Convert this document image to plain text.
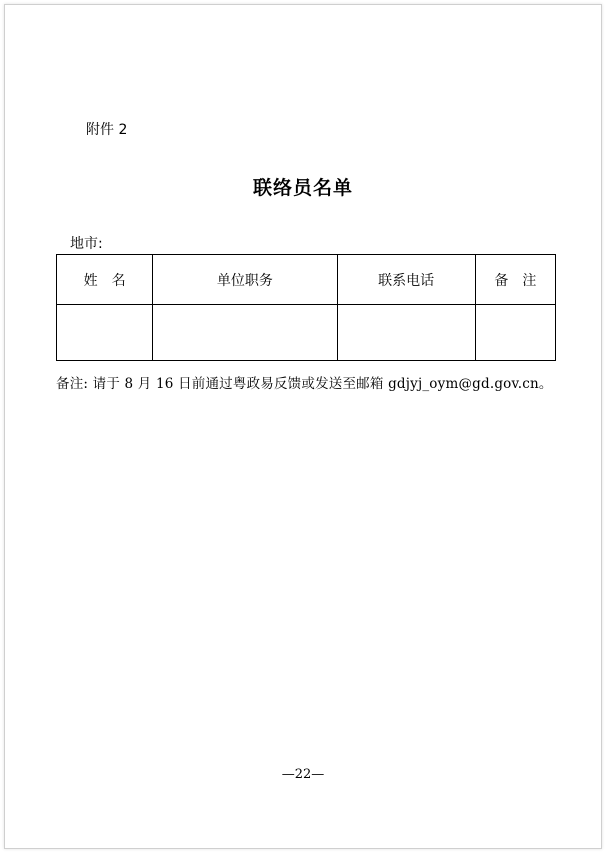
附件 2
联络员名单
地市:
姓　名	单位职务	联系电话	备　注

备注: 请于 8 月 16 日前通过粤政易反馈或发送至邮箱 gdjyj_oym@gd.gov.cn。
—22—
